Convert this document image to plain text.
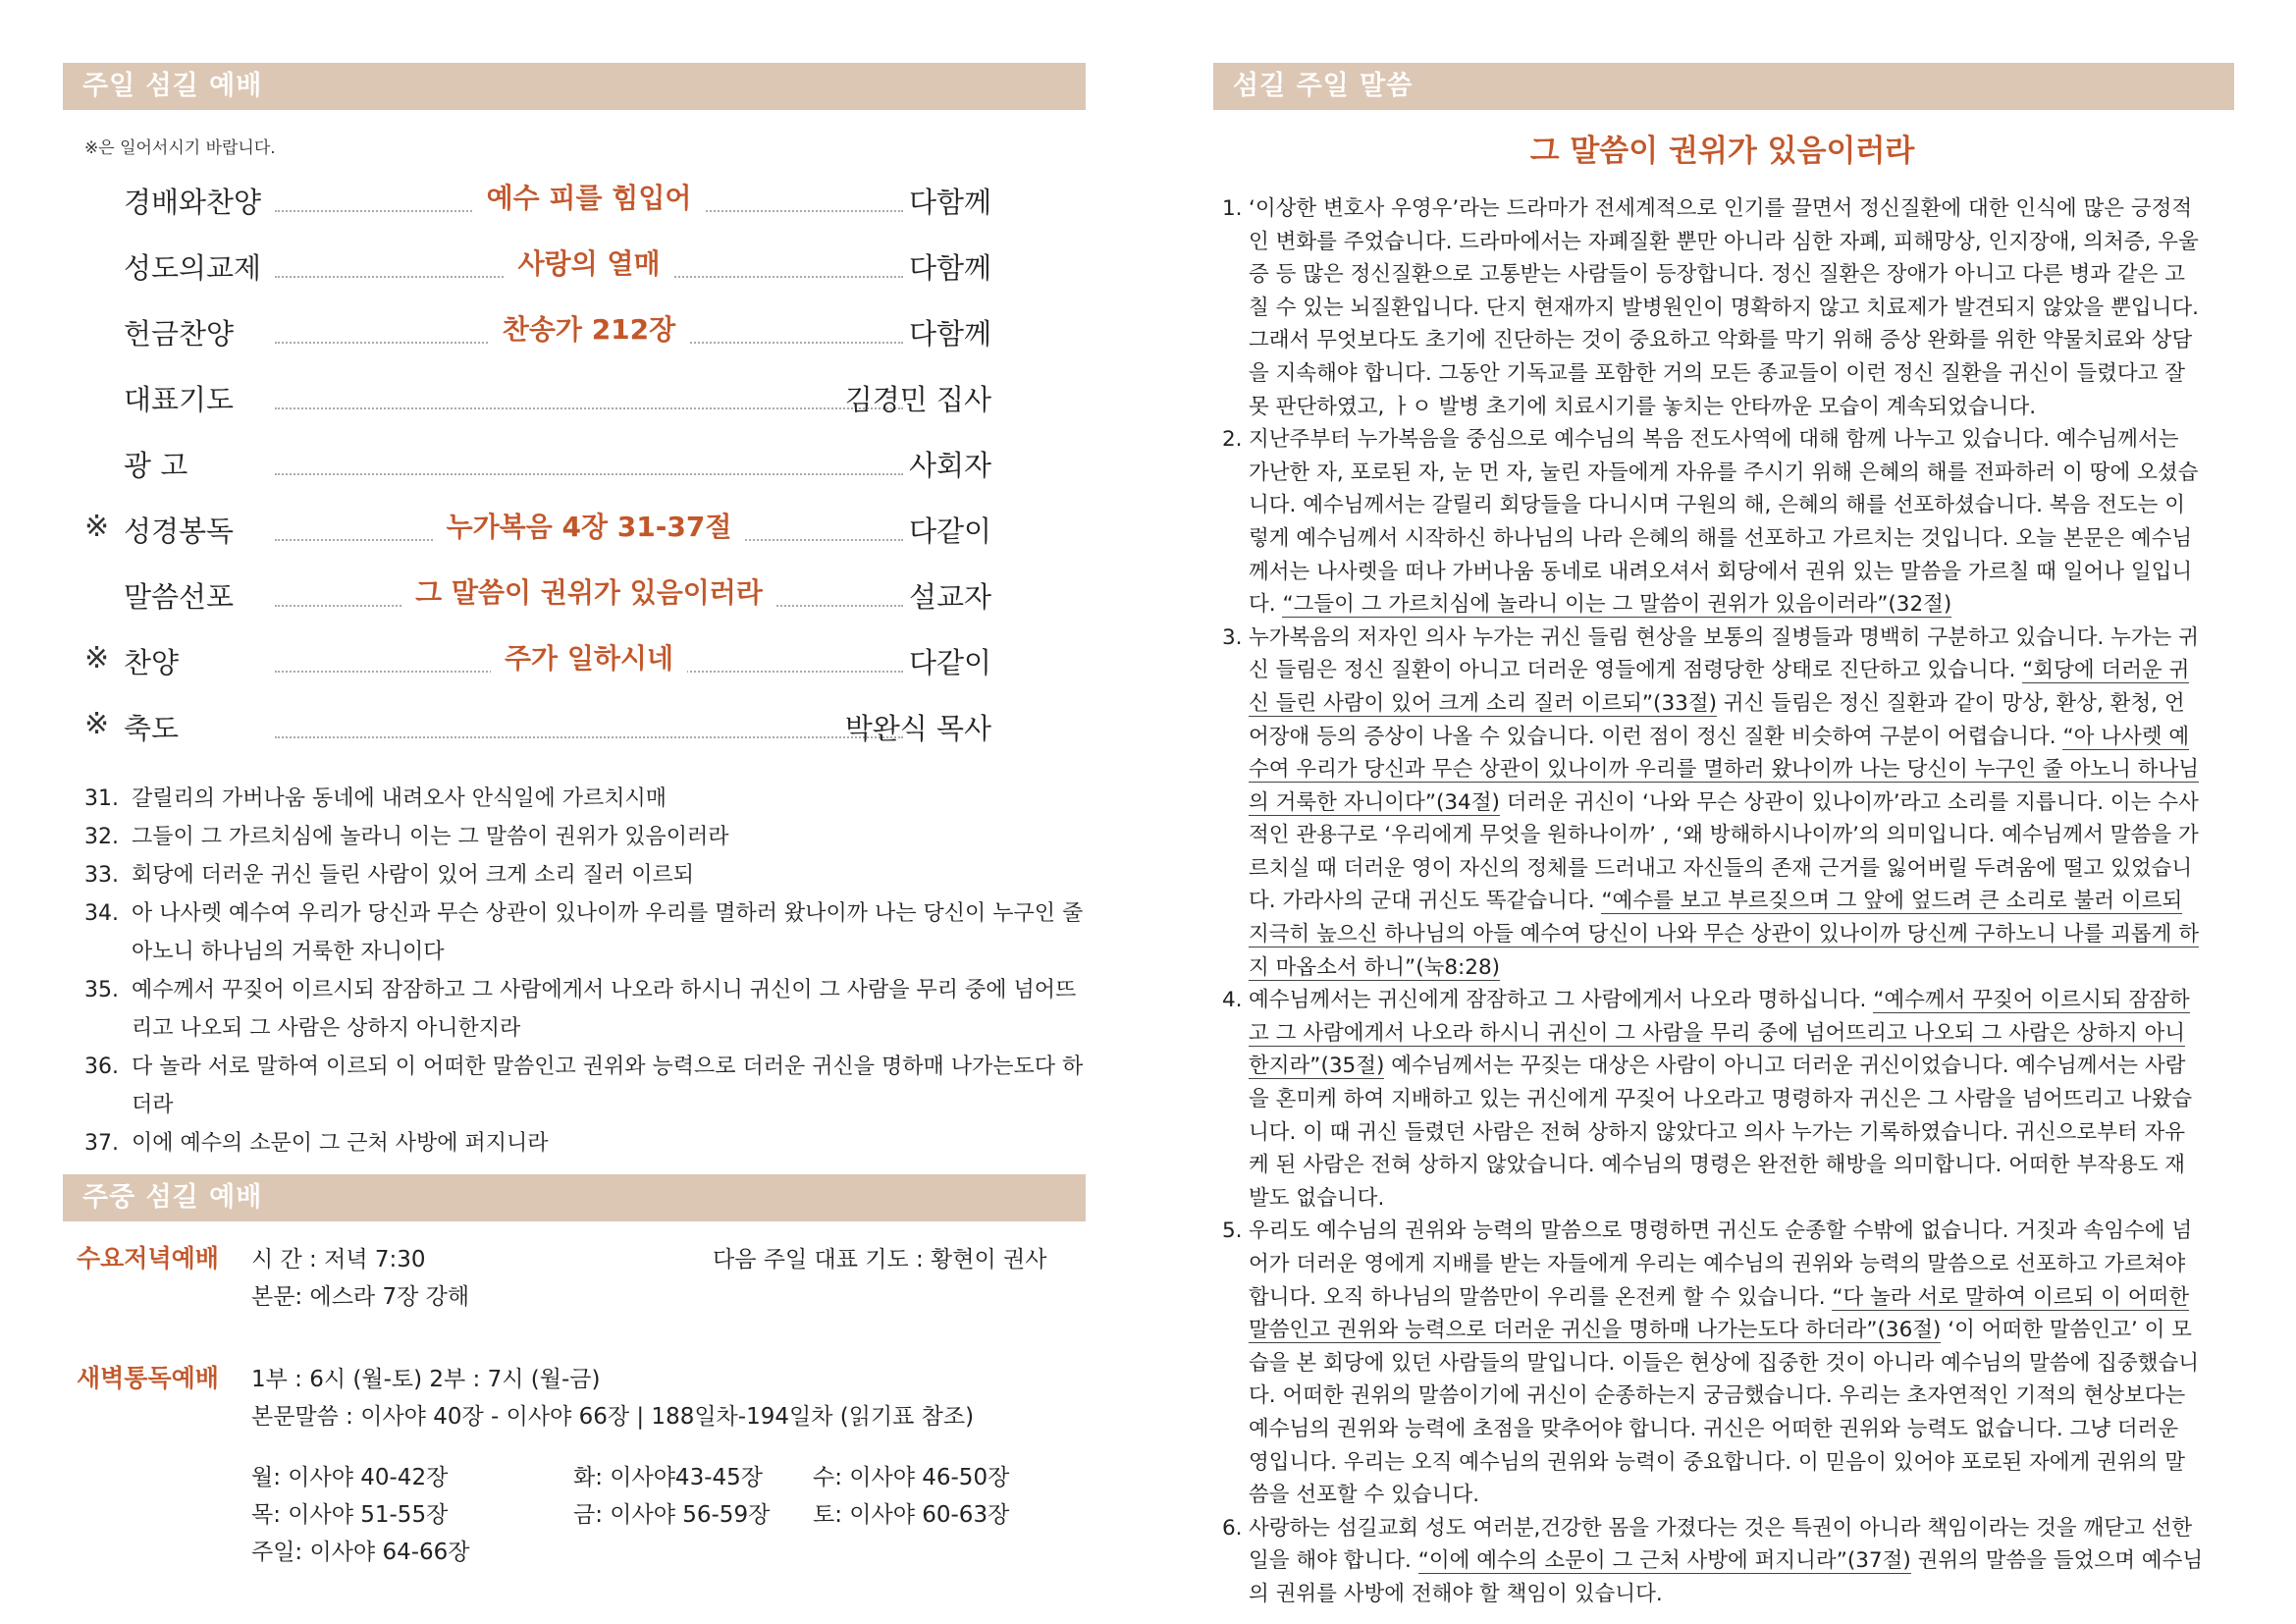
주일 섬길 예배
※은 일어서시기 바랍니다.
경배와찬양	예수 피를 힘입어	다함께
성도의교제	사랑의 열매	다함께
헌금찬양	찬송가 212장	다함께
대표기도	김경민 집사
광 고	사회자
※ 성경봉독	누가복음 4장 31-37절	다같이
말씀선포	그 말씀이 권위가 있음이러라	설교자
※ 찬양	주가 일하시네	다같이
※ 축도	박완식 목사
31. 갈릴리의 가버나움 동네에 내려오사 안식일에 가르치시매
32. 그들이 그 가르치심에 놀라니 이는 그 말씀이 권위가 있음이러라
33. 회당에 더러운 귀신 들린 사람이 있어 크게 소리 질러 이르되
34. 아 나사렛 예수여 우리가 당신과 무슨 상관이 있나이까 우리를 멸하러 왔나이까 나는 당신이 누구인 줄 아노니 하나님의 거룩한 자니이다
35. 예수께서 꾸짖어 이르시되 잠잠하고 그 사람에게서 나오라 하시니 귀신이 그 사람을 무리 중에 넘어뜨리고 나오되 그 사람은 상하지 아니한지라
36. 다 놀라 서로 말하여 이르되 이 어떠한 말씀인고 권위와 능력으로 더러운 귀신을 명하매 나가는도다 하더라
37. 이에 예수의 소문이 그 근처 사방에 퍼지니라
주중 섬길 예배
수요저녁예배 시 간 : 저녁 7:30
본문: 에스라 7장 강해
다음 주일 대표 기도 : 황현이 권사
새벽통독예배 1부 : 6시 (월-토) 2부 : 7시 (월-금)
본문말씀 : 이사야 40장 - 이사야 66장 | 188일차-194일차 (읽기표 참조)
월: 이사야 40-42장	화: 이사야43-45장 수: 이사야 46-50장
목: 이사야 51-55장	금: 이사야 56-59장 토: 이사야 60-63장
주일: 이사야 64-66장
섬길 주일 말씀
그 말씀이 권위가 있음이러라
1. ‘이상한 변호사 우영우’라는 드라마가 전세계적으로 인기를 끌면서 정신질환에 대한 인식에 많은 긍정적인 변화를 주었습니다. 드라마에서는 자폐질환 뿐만 아니라 심한 자폐, 피해망상, 인지장애, 의처증, 우울증 등 많은 정신질환으로 고통받는 사람들이 등장합니다. 정신 질환은 장애가 아니고 다른 병과 같은 고칠 수 있는 뇌질환입니다. 단지 현재까지 발병원인이 명확하지 않고 치료제가 발견되지 않았을 뿐입니다. 그래서 무엇보다도 초기에 진단하는 것이 중요하고 악화를 막기 위해 증상 완화를 위한 약물치료와 상담을 지속해야 합니다. 그동안 기독교를 포함한 거의 모든 종교들이 이런 정신 질환을 귀신이 들렸다고 잘못 판단하였고, ㅏㅇ 발병 초기에 치료시기를 놓치는 안타까운 모습이 계속되었습니다.
2. 지난주부터 누가복음을 중심으로 예수님의 복음 전도사역에 대해 함께 나누고 있습니다. 예수님께서는 가난한 자, 포로된 자, 눈 먼 자, 눌린 자들에게 자유를 주시기 위해 은혜의 해를 전파하러 이 땅에 오셨습니다. 예수님께서는 갈릴리 회당들을 다니시며 구원의 해, 은혜의 해를 선포하셨습니다. 복음 전도는 이렇게 예수님께서 시작하신 하나님의 나라 은혜의 해를 선포하고 가르치는 것입니다. 오늘 본문은 예수님께서는 나사렛을 떠나 가버나움 동네로 내려오셔서 회당에서 권위 있는 말씀을 가르칠 때 일어나 일입니다. “그들이 그 가르치심에 놀라니 이는 그 말씀이 권위가 있음이러라”(32절)
3. 누가복음의 저자인 의사 누가는 귀신 들림 현상을 보통의 질병들과 명백히 구분하고 있습니다. 누가는 귀신 들림은 정신 질환이 아니고 더러운 영들에게 점령당한 상태로 진단하고 있습니다. “회당에 더러운 귀신 들린 사람이 있어 크게 소리 질러 이르되”(33절) 귀신 들림은 정신 질환과 같이 망상, 환상, 환청, 언어장애 등의 증상이 나올 수 있습니다. 이런 점이 정신 질환 비슷하여 구분이 어렵습니다. “아 나사렛 예수여 우리가 당신과 무슨 상관이 있나이까 우리를 멸하러 왔나이까 나는 당신이 누구인 줄 아노니 하나님의 거룩한 자니이다”(34절) 더러운 귀신이 ‘나와 무슨 상관이 있나이까’라고 소리를 지릅니다. 이는 수사적인 관용구로 ‘우리에게 무엇을 원하나이까’ , ‘왜 방해하시나이까’의 의미입니다. 예수님께서 말씀을 가르치실 때 더러운 영이 자신의 정체를 드러내고 자신들의 존재 근거를 잃어버릴 두려움에 떨고 있었습니다. 가라사의 군대 귀신도 똑같습니다. “예수를 보고 부르짖으며 그 앞에 엎드려 큰 소리로 불러 이르되 지극히 높으신 하나님의 아들 예수여 당신이 나와 무슨 상관이 있나이까 당신께 구하노니 나를 괴롭게 하지 마옵소서 하니”(눅8:28)
4. 예수님께서는 귀신에게 잠잠하고 그 사람에게서 나오라 명하십니다. “예수께서 꾸짖어 이르시되 잠잠하고 그 사람에게서 나오라 하시니 귀신이 그 사람을 무리 중에 넘어뜨리고 나오되 그 사람은 상하지 아니한지라”(35절) 예수님께서는 꾸짖는 대상은 사람이 아니고 더러운 귀신이었습니다. 예수님께서는 사람을 혼미케 하여 지배하고 있는 귀신에게 꾸짖어 나오라고 명령하자 귀신은 그 사람을 넘어뜨리고 나왔습니다. 이 때 귀신 들렸던 사람은 전혀 상하지 않았다고 의사 누가는 기록하였습니다. 귀신으로부터 자유케 된 사람은 전혀 상하지 않았습니다. 예수님의 명령은 완전한 해방을 의미합니다. 어떠한 부작용도 재발도 없습니다.
5. 우리도 예수님의 권위와 능력의 말씀으로 명령하면 귀신도 순종할 수밖에 없습니다. 거짓과 속임수에 넘어가 더러운 영에게 지배를 받는 자들에게 우리는 예수님의 권위와 능력의 말씀으로 선포하고 가르쳐야 합니다. 오직 하나님의 말씀만이 우리를 온전케 할 수 있습니다. “다 놀라 서로 말하여 이르되 이 어떠한 말씀인고 권위와 능력으로 더러운 귀신을 명하매 나가는도다 하더라”(36절) ‘이 어떠한 말씀인고’ 이 모습을 본 회당에 있던 사람들의 말입니다. 이들은 현상에 집중한 것이 아니라 예수님의 말씀에 집중했습니다. 어떠한 권위의 말씀이기에 귀신이 순종하는지 궁금했습니다. 우리는 초자연적인 기적의 현상보다는 예수님의 권위와 능력에 초점을 맞추어야 합니다. 귀신은 어떠한 권위와 능력도 없습니다. 그냥 더러운 영입니다. 우리는 오직 예수님의 권위와 능력이 중요합니다. 이 믿음이 있어야 포로된 자에게 권위의 말씀을 선포할 수 있습니다.
6. 사랑하는 섬길교회 성도 여러분,건강한 몸을 가졌다는 것은 특권이 아니라 책임이라는 것을 깨닫고 선한 일을 해야 합니다. “이에 예수의 소문이 그 근처 사방에 퍼지니라”(37절) 권위의 말씀을 들었으며 예수님의 권위를 사방에 전해야 할 책임이 있습니다.
